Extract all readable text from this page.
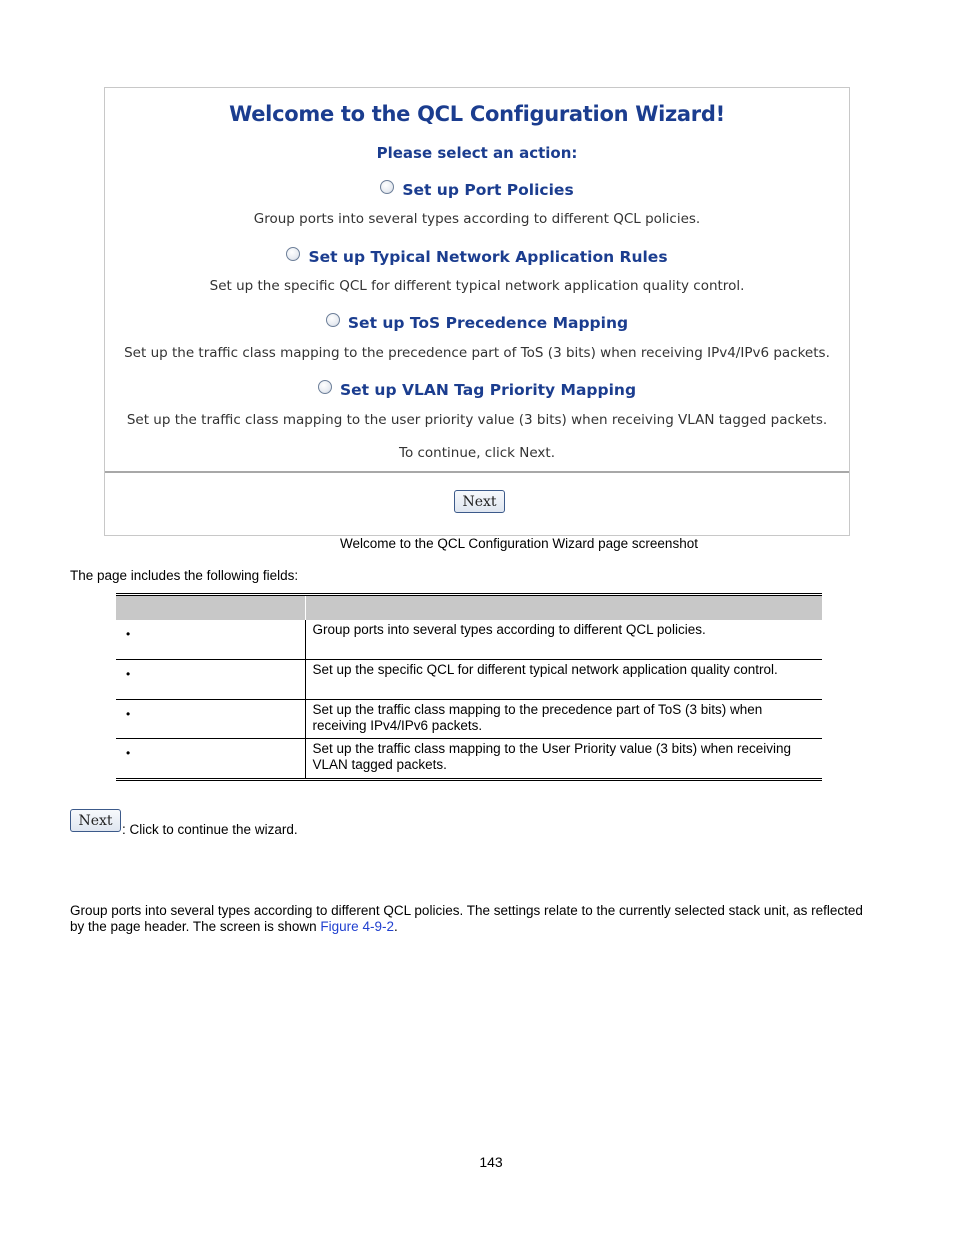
Welcome to the QCL Configuration Wizard!
Please select an action:
Set up Port Policies
Group ports into several types according to different QCL policies.
Set up Typical Network Application Rules
Set up the specific QCL for different typical network application quality control.
Set up ToS Precedence Mapping
Set up the traffic class mapping to the precedence part of ToS (3 bits) when receiving IPv4/IPv6 packets.
Set up VLAN Tag Priority Mapping
Set up the traffic class mapping to the user priority value (3 bits) when receiving VLAN tagged packets.
To continue, click Next.
Next
Welcome to the QCL Configuration Wizard page screenshot
The page includes the following fields:

•	Group ports into several types according to different QCL policies.
•	Set up the specific QCL for different typical network application quality control.
•	Set up the traffic class mapping to the precedence part of ToS (3 bits) when receiving IPv4/IPv6 packets.
•	Set up the traffic class mapping to the User Priority value (3 bits) when receiving VLAN tagged packets.
Next
: Click to continue the wizard.
Group ports into several types according to different QCL policies. The settings relate to the currently selected stack unit, as reflected by the page header. The screen is shown Figure 4-9-2.
143
